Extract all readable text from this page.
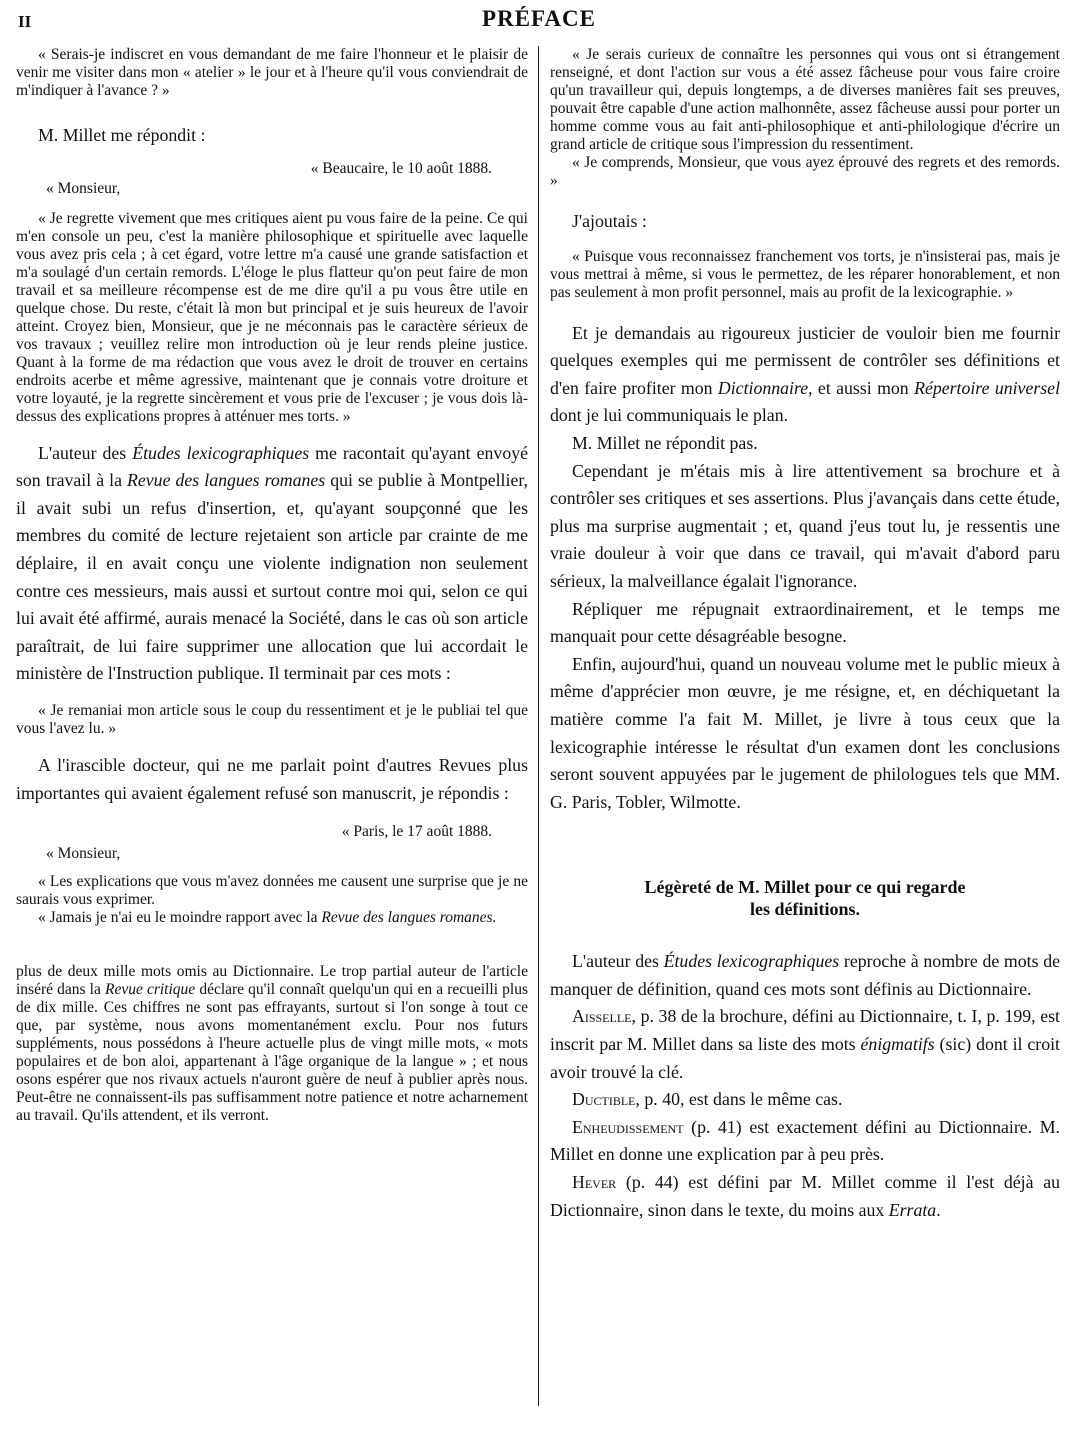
II	PRÉFACE

« Serais-je indiscret en vous demandant de me faire l'honneur et le plaisir de venir me visiter dans mon « atelier » le jour et à l'heure qu'il vous conviendrait de m'indiquer à l'avance ? »

M. Millet me répondit :

« Beaucaire, le 10 août 1888.

« Monsieur,

« Je regrette vivement que mes critiques aient pu vous faire de la peine. Ce qui m'en console un peu, c'est la manière philosophique et spirituelle avec laquelle vous avez pris cela ; à cet égard, votre lettre m'a causé une grande satisfaction et m'a soulagé d'un certain remords. L'éloge le plus flatteur qu'on peut faire de mon travail et sa meilleure récompense est de me dire qu'il a pu vous être utile en quelque chose. Du reste, c'était là mon but principal et je suis heureux de l'avoir atteint. Croyez bien, Monsieur, que je ne méconnais pas le caractère sérieux de vos travaux ; veuillez relire mon introduction où je leur rends pleine justice. Quant à la forme de ma rédaction que vous avez le droit de trouver en certains endroits acerbe et même agressive, maintenant que je connais votre droiture et votre loyauté, je la regrette sincèrement et vous prie de l'excuser ; je vous dois là-dessus des explications propres à atténuer mes torts. »

L'auteur des Études lexicographiques me racontait qu'ayant envoyé son travail à la Revue des langues romanes qui se publie à Montpellier, il avait subi un refus d'insertion, et, qu'ayant soupçonné que les membres du comité de lecture rejetaient son article par crainte de me déplaire, il en avait conçu une violente indignation non seulement contre ces messieurs, mais aussi et surtout contre moi qui, selon ce qui lui avait été affirmé, aurais menacé la Société, dans le cas où son article paraîtrait, de lui faire supprimer une allocation que lui accordait le ministère de l'Instruction publique. Il terminait par ces mots :

« Je remaniai mon article sous le coup du ressentiment et je le publiai tel que vous l'avez lu. »

A l'irascible docteur, qui ne me parlait point d'autres Revues plus importantes qui avaient également refusé son manuscrit, je répondis :

« Paris, le 17 août 1888.

« Monsieur,

« Les explications que vous m'avez données me causent une surprise que je ne saurais vous exprimer.

« Jamais je n'ai eu le moindre rapport avec la Revue des langues romanes.

plus de deux mille mots omis au Dictionnaire. Le trop partial auteur de l'article inséré dans la Revue critique déclare qu'il connaît quelqu'un qui en a recueilli plus de dix mille. Ces chiffres ne sont pas effrayants, surtout si l'on songe à tout ce que, par système, nous avons momentanément exclu. Pour nos futurs suppléments, nous possédons à l'heure actuelle plus de vingt mille mots, « mots populaires et de bon aloi, appartenant à l'âge organique de la langue » ; et nous osons espérer que nos rivaux actuels n'auront guère de neuf à publier après nous. Peut-être ne connaissent-ils pas suffisamment notre patience et notre acharnement au travail. Qu'ils attendent, et ils verront.

« Je serais curieux de connaître les personnes qui vous ont si étrangement renseigné, et dont l'action sur vous a été assez fâcheuse pour vous faire croire qu'un travailleur qui, depuis longtemps, a de diverses manières fait ses preuves, pouvait être capable d'une action malhonnête, assez fâcheuse aussi pour porter un homme comme vous au fait anti-philosophique et anti-philologique d'écrire un grand article de critique sous l'impression du ressentiment.

« Je comprends, Monsieur, que vous ayez éprouvé des regrets et des remords. »

J'ajoutais :

« Puisque vous reconnaissez franchement vos torts, je n'insisterai pas, mais je vous mettrai à même, si vous le permettez, de les réparer honorablement, et non pas seulement à mon profit personnel, mais au profit de la lexicographie. »

Et je demandais au rigoureux justicier de vouloir bien me fournir quelques exemples qui me permissent de contrôler ses définitions et d'en faire profiter mon Dictionnaire, et aussi mon Répertoire universel dont je lui communiquais le plan.

M. Millet ne répondit pas.

Cependant je m'étais mis à lire attentivement sa brochure et à contrôler ses critiques et ses assertions. Plus j'avançais dans cette étude, plus ma surprise augmentait ; et, quand j'eus tout lu, je ressentis une vraie douleur à voir que dans ce travail, qui m'avait d'abord paru sérieux, la malveillance égalait l'ignorance.

Répliquer me répugnait extraordinairement, et le temps me manquait pour cette désagréable besogne.

Enfin, aujourd'hui, quand un nouveau volume met le public mieux à même d'apprécier mon œuvre, je me résigne, et, en déchiquetant la matière comme l'a fait M. Millet, je livre à tous ceux que la lexicographie intéresse le résultat d'un examen dont les conclusions seront souvent appuyées par le jugement de philologues tels que MM. G. Paris, Tobler, Wilmotte.

Légèreté de M. Millet pour ce qui regarde
les définitions.

L'auteur des Études lexicographiques reproche à nombre de mots de manquer de définition, quand ces mots sont définis au Dictionnaire.

Aisselle, p. 38 de la brochure, défini au Dictionnaire, t. I, p. 199, est inscrit par M. Millet dans sa liste des mots énigmatifs (sic) dont il croit avoir trouvé la clé.

Ductible, p. 40, est dans le même cas.

Enheudissement (p. 41) est exactement défini au Dictionnaire. M. Millet en donne une explication par à peu près.

Hever (p. 44) est défini par M. Millet comme il l'est déjà au Dictionnaire, sinon dans le texte, du moins aux Errata.
